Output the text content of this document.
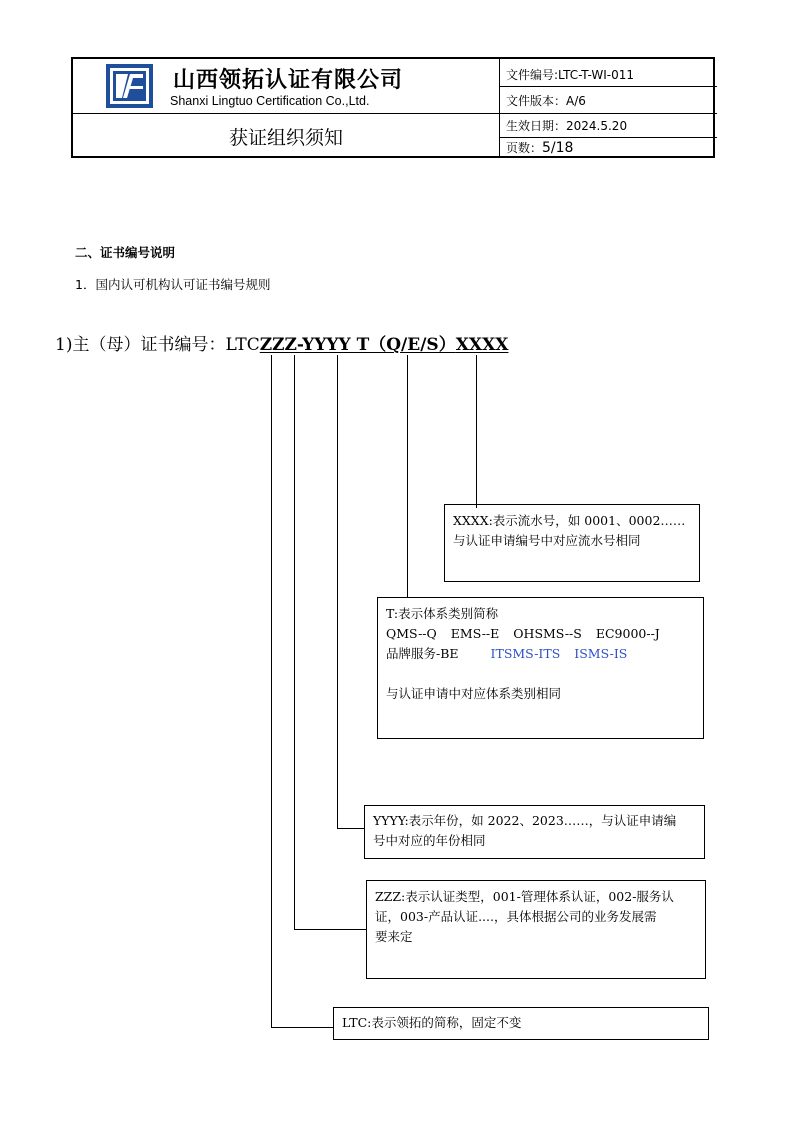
山西领拓认证有限公司
Shanxi Lingtuo Certification Co.,Ltd.
获证组织须知
文件编号:LTC-T-WI-011
文件版本：A/6
生效日期：2024.5.20
页数：5/18
二、证书编号说明
1．国内认可机构认可证书编号规则
1)主（母）证书编号：LTCZZZ-YYYY T（Q/E/S）XXXX

XXXX:表示流水号，如 0001、0002……

与认证申请编号中对应流水号相同

T:表示体系类别简称

QMS--Q EMS--E OHSMS--S EC9000--J

品牌服务-BE	ITSMS-ITS ISMS-IS

与认证申请中对应体系类别相同

YYYY:表示年份，如 2022、2023……，与认证申请编

号中对应的年份相同

ZZZ:表示认证类型，001-管理体系认证，002-服务认

证，003-产品认证....，具体根据公司的业务发展需

要来定

LTC:表示领拓的简称，固定不变
